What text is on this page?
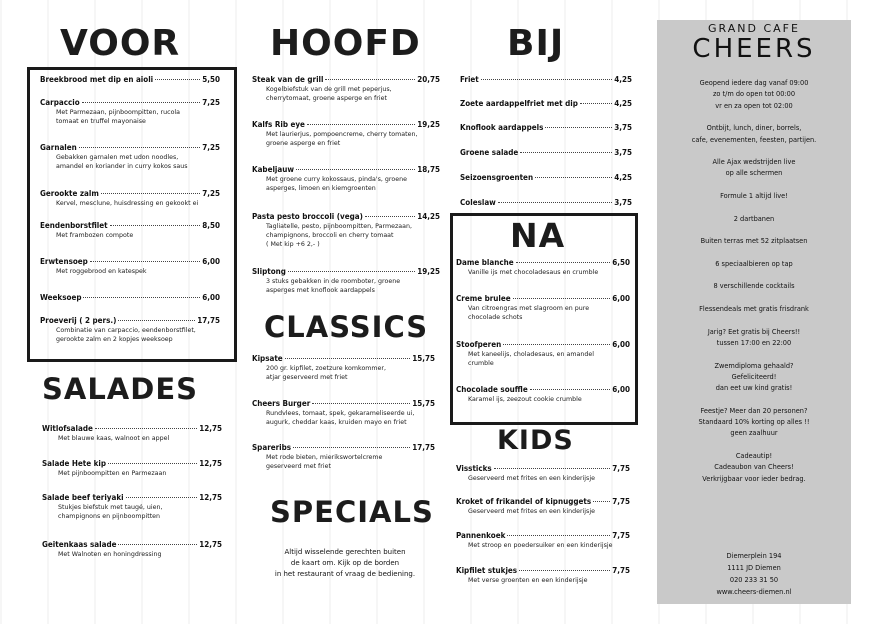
VOOR HOOFD BIJ
SALADES
CLASSICS
SPECIALS
NA
KIDS
Breekbrood met dip en aioli	5,50
Carpaccio	7,25
Met Parmezaan, pijnboompitten, rucola
tomaat en truffel mayonaise
Garnalen	7,25
Gebakken garnalen met udon noodles,
amandel en koriander in curry kokos saus
Gerookte zalm	7,25
Kervel, mesclune, huisdressing en gekookt ei
Eendenborstfilet	8,50
Met frambozen compote
Erwtensoep	6,00
Met roggebrood en katespek
Weeksoep	6,00
Proeverij ( 2 pers.)	17,75
Combinatie van carpaccio, eendenborstfilet,
gerookte zalm en 2 kopjes weeksoep
Witlofsalade	12,75
Met blauwe kaas, walnoot en appel
Salade Hete kip	12,75
Met pijnboompitten en Parmezaan
Salade beef teriyaki	12,75
Stukjes biefstuk met taugé, uien,
champignons en pijnboompitten
Geitenkaas salade	12,75
Met Walnoten en honingdressing
Steak van de grill	20,75
Kogelbiefstuk van de grill met peperjus,
cherrytomaat, groene asperge en friet
Kalfs Rib eye	19,25
Met laurierjus, pompoencreme, cherry tomaten,
groene asperge en friet
Kabeljauw	18,75
Met groene curry kokossaus, pinda's, groene
asperges, limoen en kiemgroenten
Pasta pesto broccoli (vega)	14,25
Tagliatelle, pesto, pijnboompitten, Parmezaan,
champignons, broccoli en cherry tomaat
( Met kip +6 2,- )
Sliptong	19,25
3 stuks gebakken in de roomboter, groene
asperges met knoflook aardappels
Kipsate	15,75
200 gr. kipfilet, zoetzure komkommer,
atjar geserveerd met friet
Cheers Burger	15,75
Rundvlees, tomaat, spek, gekarameliseerde ui,
augurk, cheddar kaas, kruiden mayo en friet
Spareribs	17,75
Met rode bieten, mierikswortelcreme
geserveerd met friet
Friet	4,25
Zoete aardappelfriet met dip	4,25
Knoflook aardappels	3,75
Groene salade	3,75
Seizoensgroenten	4,25
Coleslaw	3,75
Dame blanche	6,50
Vanille ijs met chocoladesaus en crumble
Creme brulee	6,00
Van citroengras met slagroom en pure
chocolade schots
Stoofperen	6,00
Met kaneelijs, choladesaus, en amandel
crumble
Chocolade souffle	6,00
Karamel ijs, zeezout cookie crumble
Vissticks	7,75
Geserveerd met frites en een kinderijsje
Kroket of frikandel of kipnuggets	7,75
Geserveerd met frites en een kinderijsje
Pannenkoek	7,75
Met stroop en poedersuiker en een kinderijsje
Kipfilet stukjes	7,75
Met verse groenten en een kinderijsje
Altijd wisselende gerechten buiten
de kaart om. Kijk op de borden
in het restaurant of vraag de bediening.
GRAND CAFE
CHEERS
Geopend iedere dag vanaf 09:00
zo t/m do open tot 00:00
vr en za open tot 02:00
Ontbijt, lunch, diner, borrels,
cafe, evenementen, feesten, partijen.
Alle Ajax wedstrijden live
op alle schermen
Formule 1 altijd live!
2 dartbanen
Buiten terras met 52 zitplaatsen
6 speciaalbieren op tap
8 verschillende cocktails
Flessendeals met gratis frisdrank
Jarig? Eet gratis bij Cheers!!
tussen 17:00 en 22:00
Zwemdiploma gehaald?
Gefeliciteerd!
dan eet uw kind gratis!
Feestje? Meer dan 20 personen?
Standaard 10% korting op alles !!
geen zaalhuur
Cadeautip!
Cadeaubon van Cheers!
Verkrijgbaar voor ieder bedrag.
Diemerplein 194
1111 JD Diemen
020 233 31 50
www.cheers-diemen.nl
